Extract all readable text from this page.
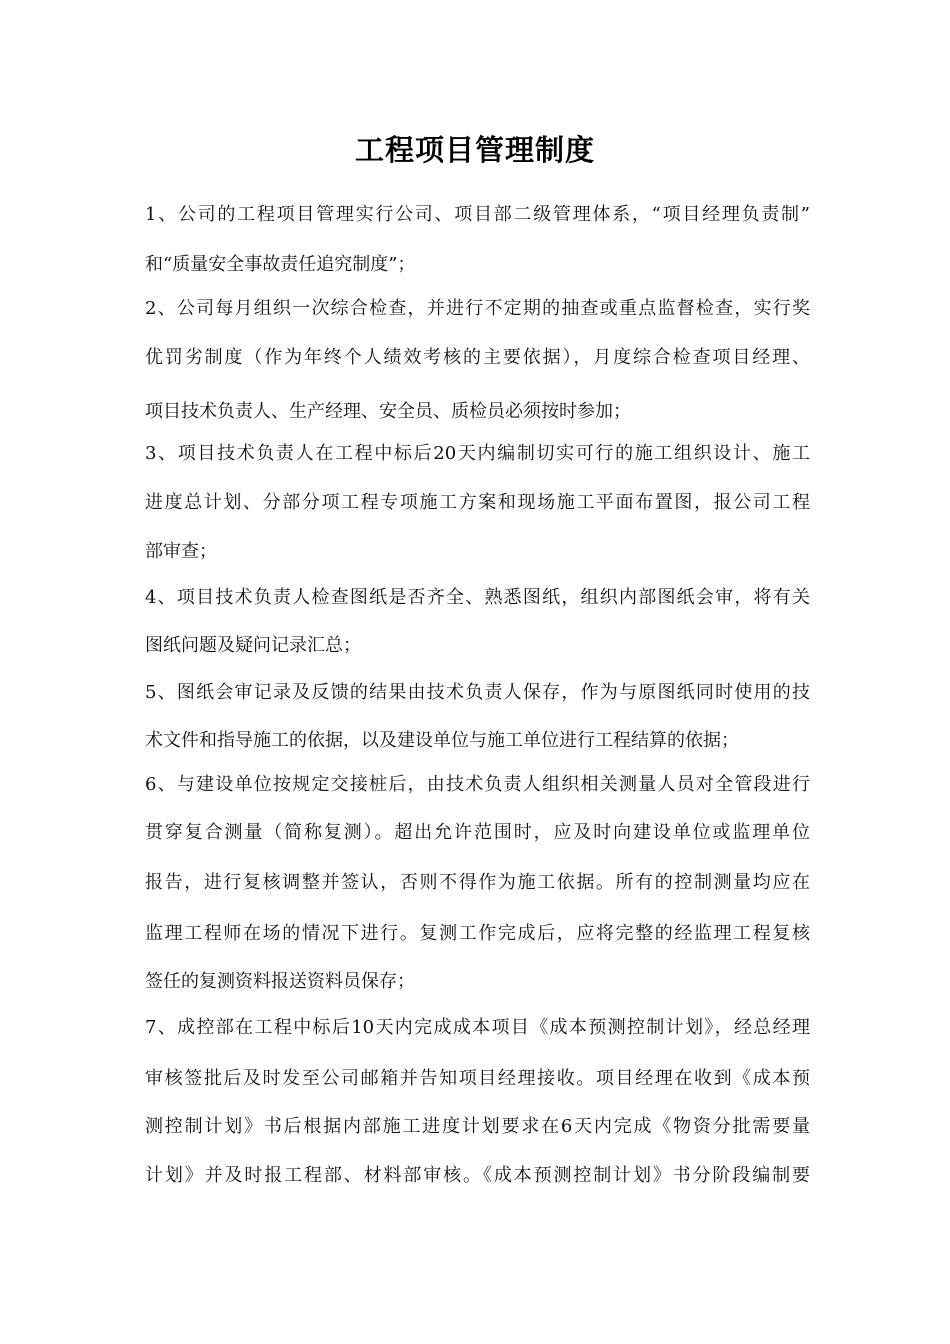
工程项目管理制度
1、公司的工程项目管理实行公司、项目部二级管理体系，“项目经理负责制”
和“质量安全事故责任追究制度”；
2、公司每月组织一次综合检查，并进行不定期的抽查或重点监督检查，实行奖
优罚劣制度（作为年终个人绩效考核的主要依据），月度综合检查项目经理、
项目技术负责人、生产经理、安全员、质检员必须按时参加；
3、项目技术负责人在工程中标后20天内编制切实可行的施工组织设计、施工
进度总计划、分部分项工程专项施工方案和现场施工平面布置图，报公司工程
部审查；
4、项目技术负责人检查图纸是否齐全、熟悉图纸，组织内部图纸会审，将有关
图纸问题及疑问记录汇总；
5、图纸会审记录及反馈的结果由技术负责人保存，作为与原图纸同时使用的技
术文件和指导施工的依据，以及建设单位与施工单位进行工程结算的依据；
6、与建设单位按规定交接桩后，由技术负责人组织相关测量人员对全管段进行
贯穿复合测量（简称复测）。超出允许范围时，应及时向建设单位或监理单位
报告，进行复核调整并签认，否则不得作为施工依据。所有的控制测量均应在
监理工程师在场的情况下进行。复测工作完成后，应将完整的经监理工程复核
签任的复测资料报送资料员保存；
7、成控部在工程中标后10天内完成成本项目《成本预测控制计划》，经总经理
审核签批后及时发至公司邮箱并告知项目经理接收。项目经理在收到《成本预
测控制计划》书后根据内部施工进度计划要求在6天内完成《物资分批需要量
计划》并及时报工程部、材料部审核。《成本预测控制计划》书分阶段编制要
